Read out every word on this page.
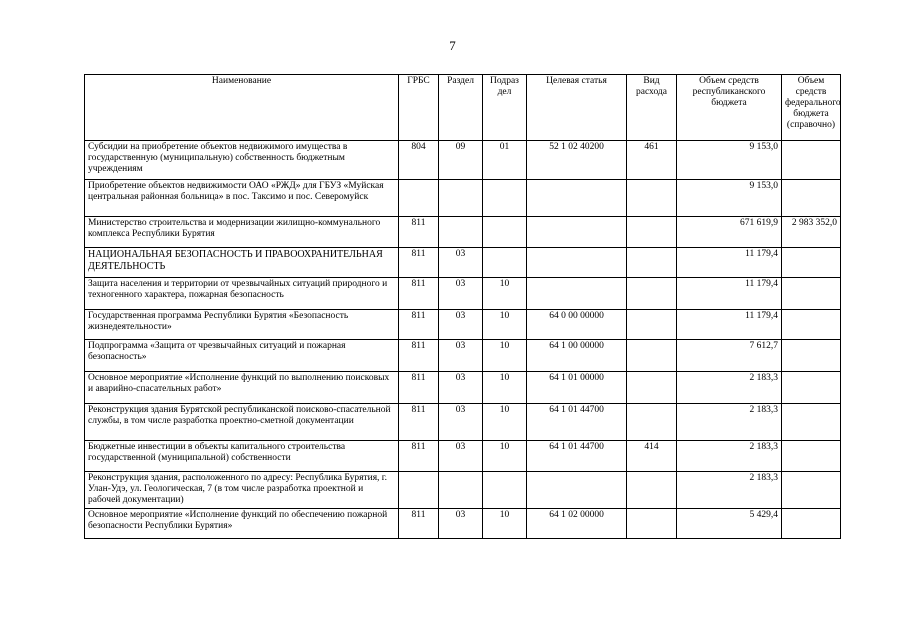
7
Наименование	ГРБС	Раздел	Подраз дел	Целевая статья	Вид расхода	Объем средств республиканского бюджета	Объем средств федерального бюджета (справочно)
Субсидии на приобретение объектов недвижимого имущества в государственную (муниципальную) собственность бюджетным учреждениям	804	09	01	52 1 02 40200	461	9 153,0	
Приобретение объектов недвижимости ОАО «РЖД» для ГБУЗ «Муйская центральная районная больница» в пос. Таксимо и пос. Северомуйск						9 153,0	
Министерство строительства и модернизации жилищно-коммунального комплекса Республики Бурятия	811					671 619,9	2 983 352,0
НАЦИОНАЛЬНАЯ БЕЗОПАСНОСТЬ И ПРАВООХРАНИТЕЛЬНАЯ ДЕЯТЕЛЬНОСТЬ	811	03				11 179,4	
Защита населения и территории от чрезвычайных ситуаций природного и техногенного характера, пожарная безопасность	811	03	10			11 179,4	
Государственная программа Республики Бурятия «Безопасность жизнедеятельности»	811	03	10	64 0 00 00000		11 179,4	
Подпрограмма «Защита от чрезвычайных ситуаций и пожарная безопасность»	811	03	10	64 1 00 00000		7 612,7	
Основное мероприятие «Исполнение функций по выполнению поисковых и аварийно-спасательных работ»	811	03	10	64 1 01 00000		2 183,3	
Реконструкция здания Бурятской республиканской поисково-спасательной службы, в том числе разработка проектно-сметной документации	811	03	10	64 1 01 44700		2 183,3	
Бюджетные инвестиции в объекты капитального строительства государственной (муниципальной) собственности	811	03	10	64 1 01 44700	414	2 183,3	
Реконструкция здания, расположенного по адресу: Республика Бурятия, г. Улан-Удэ, ул. Геологическая, 7 (в том числе разработка проектной и рабочей документации)						2 183,3	
Основное мероприятие «Исполнение функций по обеспечению пожарной безопасности Республики Бурятия»	811	03	10	64 1 02 00000		5 429,4	
